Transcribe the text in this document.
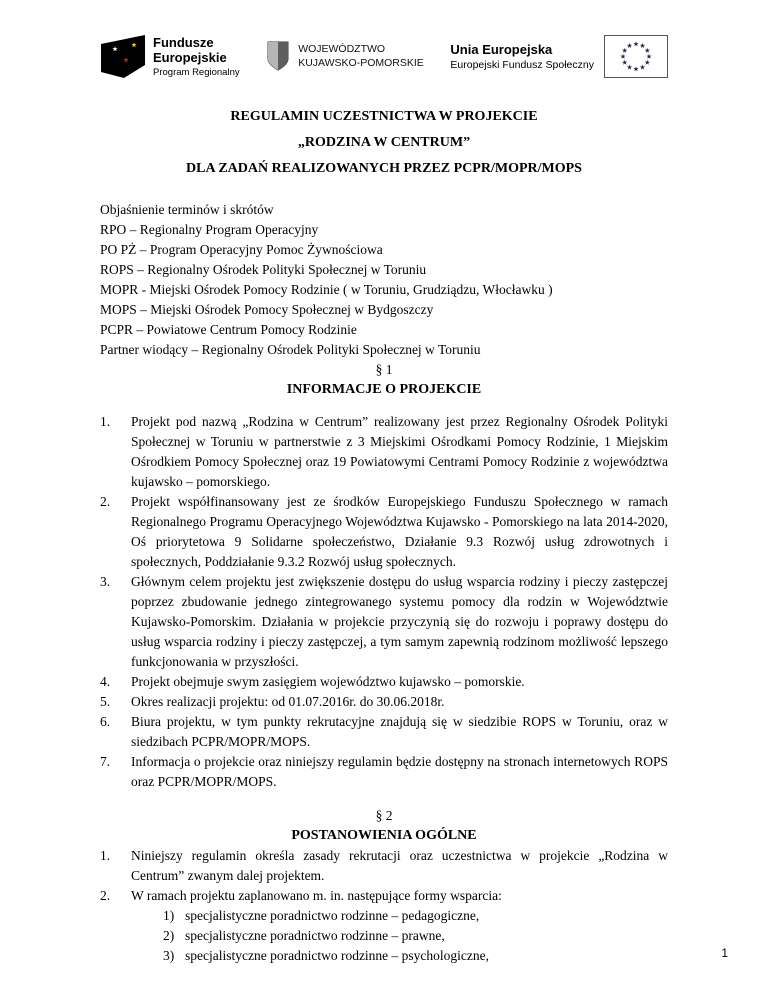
Fundusze
Europejskie
Program Regionalny
WOJEWÓDZTWO
KUJAWSKO-POMORSKIE
Unia Europejska
Europejski Fundusz Społeczny
REGULAMIN UCZESTNICTWA W PROJEKCIE
„RODZINA W CENTRUM”
DLA ZADAŃ REALIZOWANYCH PRZEZ PCPR/MOPR/MOPS
Objaśnienie terminów i skrótów
RPO – Regionalny Program Operacyjny
PO PŻ – Program Operacyjny Pomoc Żywnościowa
ROPS – Regionalny Ośrodek Polityki Społecznej w Toruniu
MOPR - Miejski Ośrodek Pomocy Rodzinie ( w Toruniu, Grudziądzu, Włocławku )
MOPS – Miejski Ośrodek Pomocy Społecznej w Bydgoszczy
PCPR – Powiatowe Centrum Pomocy Rodzinie
Partner wiodący – Regionalny Ośrodek Polityki Społecznej w Toruniu
§ 1
INFORMACJE O PROJEKCIE
1.	Projekt pod nazwą „Rodzina w Centrum” realizowany jest przez Regionalny Ośrodek Polityki Społecznej w Toruniu w partnerstwie z 3 Miejskimi Ośrodkami Pomocy Rodzinie, 1 Miejskim Ośrodkiem Pomocy Społecznej oraz 19 Powiatowymi Centrami Pomocy Rodzinie z województwa kujawsko – pomorskiego.
2.	Projekt współfinansowany jest ze środków Europejskiego Funduszu Społecznego w ramach Regionalnego Programu Operacyjnego Województwa Kujawsko - Pomorskiego na lata 2014-2020, Oś priorytetowa 9 Solidarne społeczeństwo, Działanie 9.3 Rozwój usług zdrowotnych i społecznych, Poddziałanie 9.3.2 Rozwój usług społecznych.
3.	Głównym celem projektu jest zwiększenie dostępu do usług wsparcia rodziny i pieczy zastępczej poprzez zbudowanie jednego zintegrowanego systemu pomocy dla rodzin w Województwie Kujawsko-Pomorskim. Działania w projekcie przyczynią się do rozwoju i poprawy dostępu do usług wsparcia rodziny i pieczy zastępczej, a tym samym zapewnią rodzinom możliwość lepszego funkcjonowania w przyszłości.
4.	Projekt obejmuje swym zasięgiem województwo kujawsko – pomorskie.
5.	Okres realizacji projektu: od 01.07.2016r. do 30.06.2018r.
6.	Biura projektu, w tym punkty rekrutacyjne znajdują się w siedzibie ROPS w Toruniu, oraz w siedzibach PCPR/MOPR/MOPS.
7.	Informacja o projekcie oraz niniejszy regulamin będzie dostępny na stronach internetowych ROPS oraz PCPR/MOPR/MOPS.
§ 2
POSTANOWIENIA OGÓLNE
1.	Niniejszy regulamin określa zasady rekrutacji oraz uczestnictwa w projekcie „Rodzina w Centrum” zwanym dalej projektem.
2.	W ramach projektu zaplanowano m. in. następujące formy wsparcia:
1) specjalistyczne poradnictwo rodzinne – pedagogiczne,
2) specjalistyczne poradnictwo rodzinne – prawne,
3) specjalistyczne poradnictwo rodzinne – psychologiczne,	1
